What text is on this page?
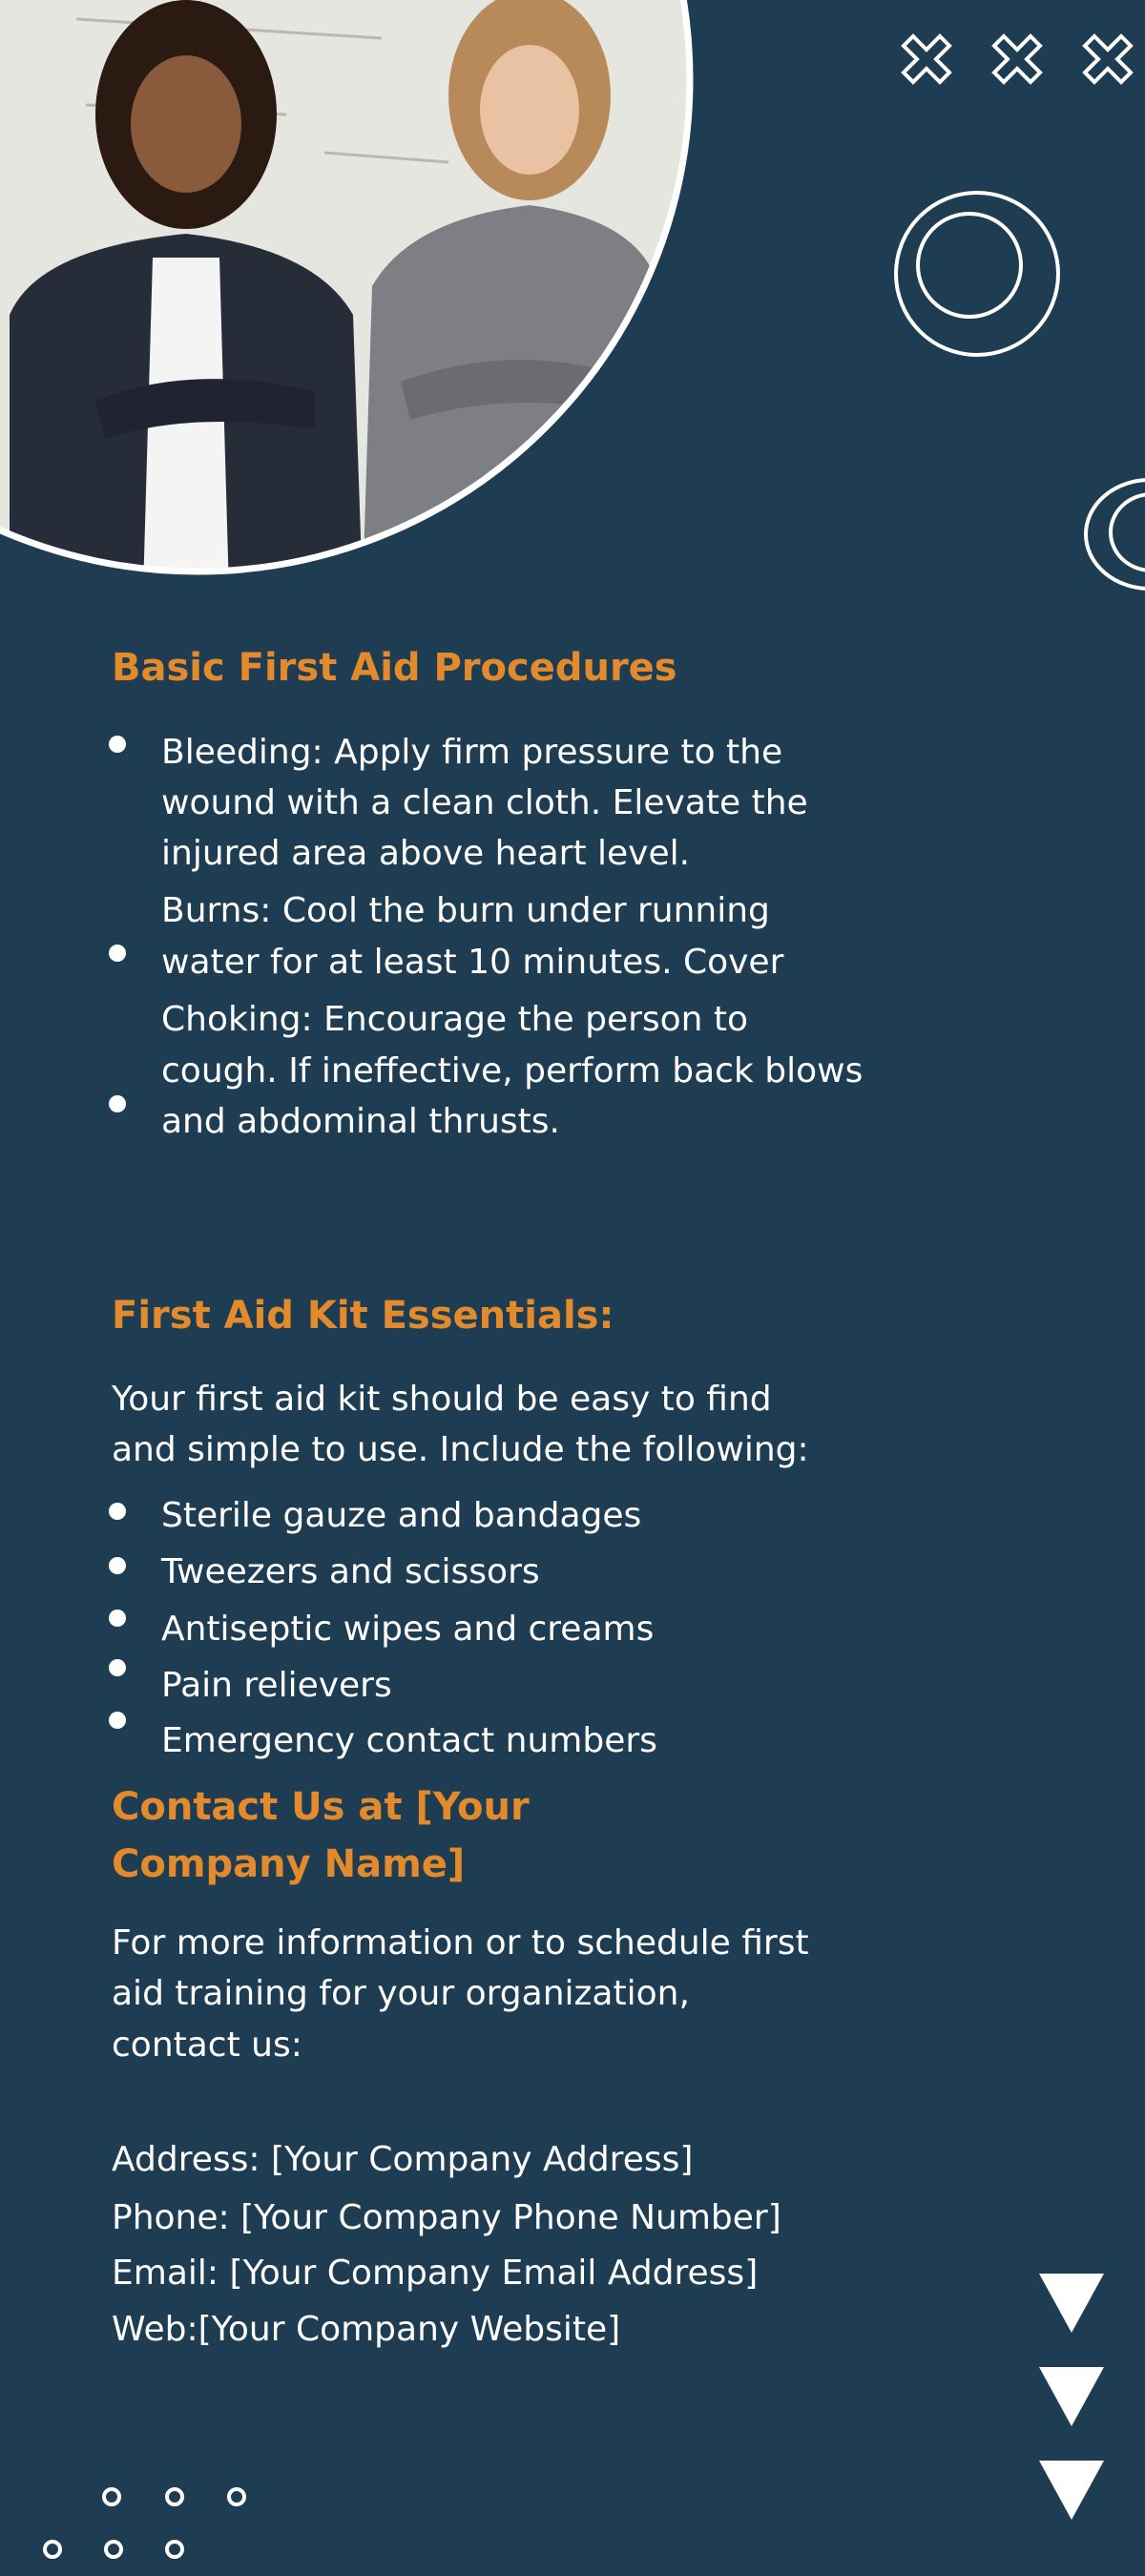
Basic First Aid Procedures
Bleeding: Apply firm pressure to the
wound with a clean cloth. Elevate the
injured area above heart level.
Burns: Cool the burn under running
water for at least 10 minutes. Cover
Choking: Encourage the person to
cough. If ineffective, perform back blows
and abdominal thrusts.
First Aid Kit Essentials:
Your first aid kit should be easy to find
and simple to use. Include the following:
Sterile gauze and bandages
Tweezers and scissors
Antiseptic wipes and creams
Pain relievers
Emergency contact numbers
Contact Us at [Your
Company Name]
For more information or to schedule first
aid training for your organization,
contact us:
Address: [Your Company Address]
Phone: [Your Company Phone Number]
Email: [Your Company Email Address]
Web:[Your Company Website]
